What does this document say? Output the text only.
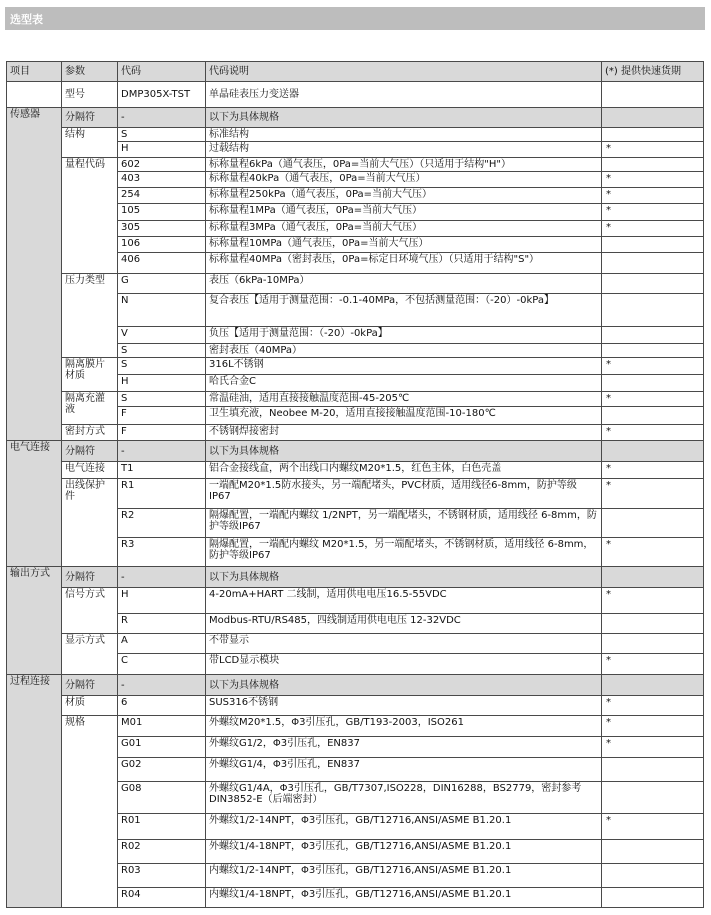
选型表
项目	参数	代码	代码说明	(*) 提供快速货期
	型号	DMP305X-TST	单晶硅表压力变送器	
传感器	分隔符	-	以下为具体规格	
	结构	S	标准结构	
		H	过载结构	*
	量程代码	602	标称量程6kPa（通气表压，0Pa=当前大气压）（只适用于结构"H"）	
		403	标称量程40kPa（通气表压，0Pa=当前大气压）	*
		254	标称量程250kPa（通气表压，0Pa=当前大气压）	*
		105	标称量程1MPa（通气表压，0Pa=当前大气压）	*
		305	标称量程3MPa（通气表压，0Pa=当前大气压）	*
		106	标称量程10MPa（通气表压，0Pa=当前大气压）	
		406	标称量程40MPa（密封表压，0Pa=标定日环境气压）（只适用于结构"S"）	
	压力类型	G	表压（6kPa-10MPa）	
		N	复合表压【适用于测量范围：-0.1-40MPa，不包括测量范围：（-20）-0kPa】	
		V	负压【适用于测量范围：（-20）-0kPa】	
		S	密封表压（40MPa）	
	隔离膜片材质	S	316L不锈钢	*
		H	哈氏合金C	
	隔离充灌液	S	常温硅油，适用直接接触温度范围-45-205℃	*
		F	卫生填充液，Neobee M-20，适用直接接触温度范围-10-180℃	
	密封方式	F	不锈钢焊接密封	*
电气连接	分隔符	-	以下为具体规格	
	电气连接	T1	铝合金接线盒，两个出线口内螺纹M20*1.5，红色主体，白色壳盖	*
	出线保护件	R1	一端配M20*1.5防水接头，另一端配堵头，PVC材质，适用线径6-8mm，防护等级IP67	*
		R2	隔爆配置，一端配内螺纹 1/2NPT，另一端配堵头，不锈钢材质，适用线径 6-8mm，防护等级IP67	
		R3	隔爆配置，一端配内螺纹 M20*1.5，另一端配堵头，不锈钢材质，适用线径 6-8mm，防护等级IP67	*
输出方式	分隔符	-	以下为具体规格	
	信号方式	H	4-20mA+HART 二线制，适用供电电压16.5-55VDC	*
		R	Modbus-RTU/RS485，四线制适用供电电压 12-32VDC	
	显示方式	A	不带显示	
		C	带LCD显示模块	*
过程连接	分隔符	-	以下为具体规格	
	材质	6	SUS316不锈钢	*
	规格	M01	外螺纹M20*1.5，Φ3引压孔，GB/T193-2003，ISO261	*
		G01	外螺纹G1/2，Φ3引压孔，EN837	*
		G02	外螺纹G1/4，Φ3引压孔，EN837	
		G08	外螺纹G1/4A，Φ3引压孔，GB/T7307,ISO228，DIN16288，BS2779，密封参考DIN3852-E（后端密封）	
		R01	外螺纹1/2-14NPT，Φ3引压孔，GB/T12716,ANSI/ASME B1.20.1	*
		R02	外螺纹1/4-18NPT，Φ3引压孔，GB/T12716,ANSI/ASME B1.20.1	
		R03	内螺纹1/2-14NPT，Φ3引压孔，GB/T12716,ANSI/ASME B1.20.1	
		R04	内螺纹1/4-18NPT，Φ3引压孔，GB/T12716,ANSI/ASME B1.20.1	
